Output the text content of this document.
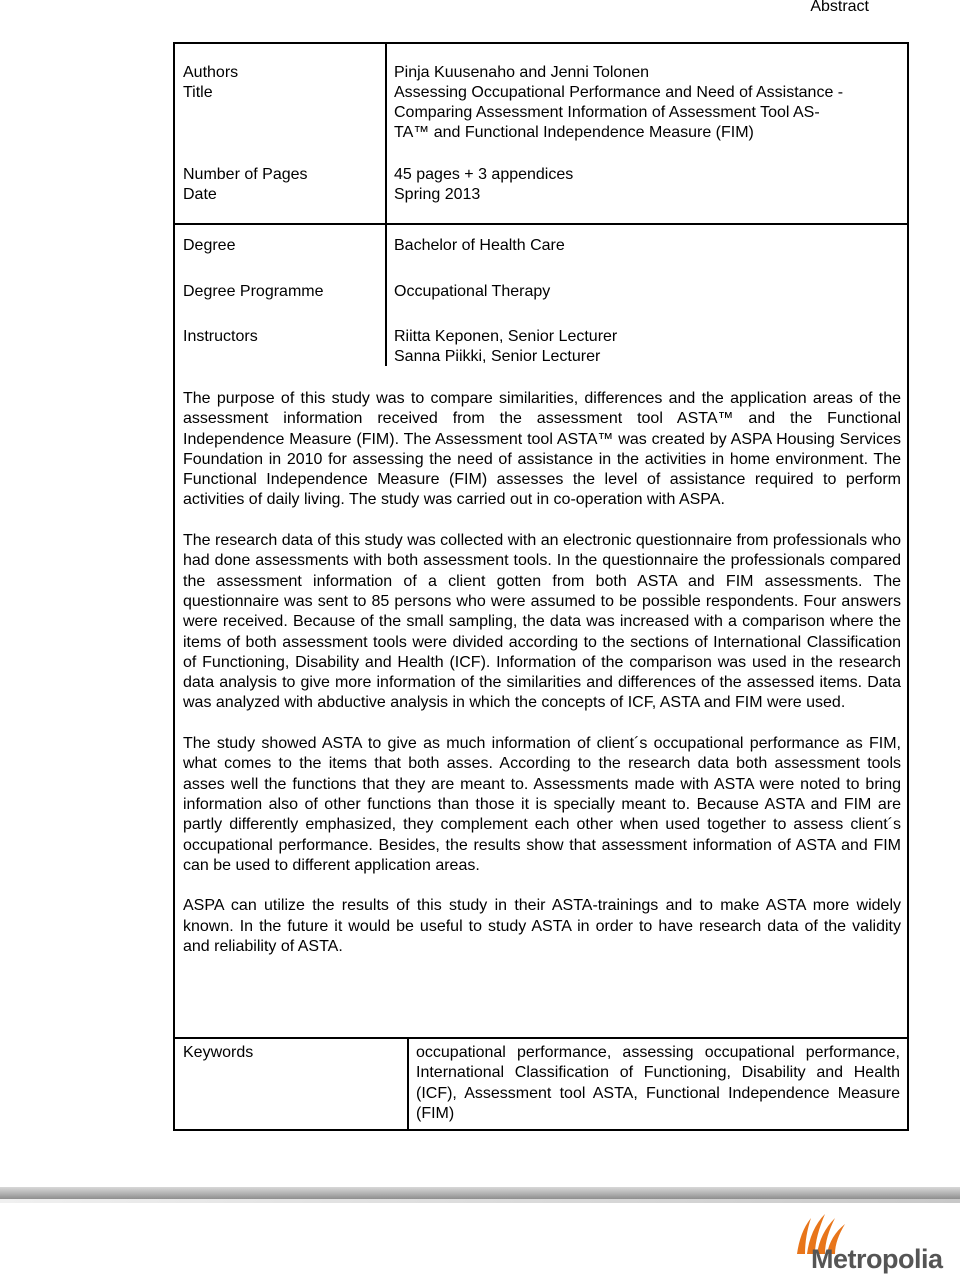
Abstract
Authors
Title
Number of Pages
Date
Pinja Kuusenaho and Jenni Tolonen
Assessing Occupational Performance and Need of Assistance -
Comparing Assessment Information of Assessment Tool AS-
TA™ and Functional Independence Measure (FIM)
45 pages + 3 appendices
Spring 2013
Degree
Degree Programme
Instructors
Bachelor of Health Care
Occupational Therapy
Riitta Keponen, Senior Lecturer
Sanna Piikki, Senior Lecturer

The purpose of this study was to compare similarities, differences and the application areas of the assessment information received from the assessment tool ASTA™ and the Functional Independence Measure (FIM). The Assessment tool ASTA™ was created by ASPA Housing Services Foundation in 2010 for assessing the need of assistance in the activities in home environment. The Functional Independence Measure (FIM) assesses the level of assistance required to perform activities of daily living. The study was carried out in co-operation with ASPA.

The research data of this study was collected with an electronic questionnaire from professionals who had done assessments with both assessment tools. In the questionnaire the professionals compared the assessment information of a client gotten from both ASTA and FIM assessments. The questionnaire was sent to 85 persons who were assumed to be possible respondents. Four answers were received. Because of the small sampling, the data was increased with a comparison where the items of both assessment tools were divided according to the sections of International Classification of Functioning, Disability and Health (ICF). Information of the comparison was used in the research data analysis to give more information of the similarities and differences of the assessed items. Data was analyzed with abductive analysis in which the concepts of ICF, ASTA and FIM were used.

The study showed ASTA to give as much information of client´s occupational performance as FIM, what comes to the items that both asses. According to the research data both assessment tools asses well the functions that they are meant to. Assessments made with ASTA were noted to bring information also of other functions than those it is specially meant to. Because ASTA and FIM are partly differently emphasized, they complement each other when used together to assess client´s occupational performance. Besides, the results show that assessment information of ASTA and FIM can be used to different application areas.

ASPA can utilize the results of this study in their ASTA-trainings and to make ASTA more widely known. In the future it would be useful to study ASTA in order to have research data of the validity and reliability of ASTA.

Keywords	occupational performance, assessing occupational performance, International Classification of Functioning, Disability and Health (ICF), Assessment tool ASTA, Functional Independence Measure (FIM)
Metropolia
